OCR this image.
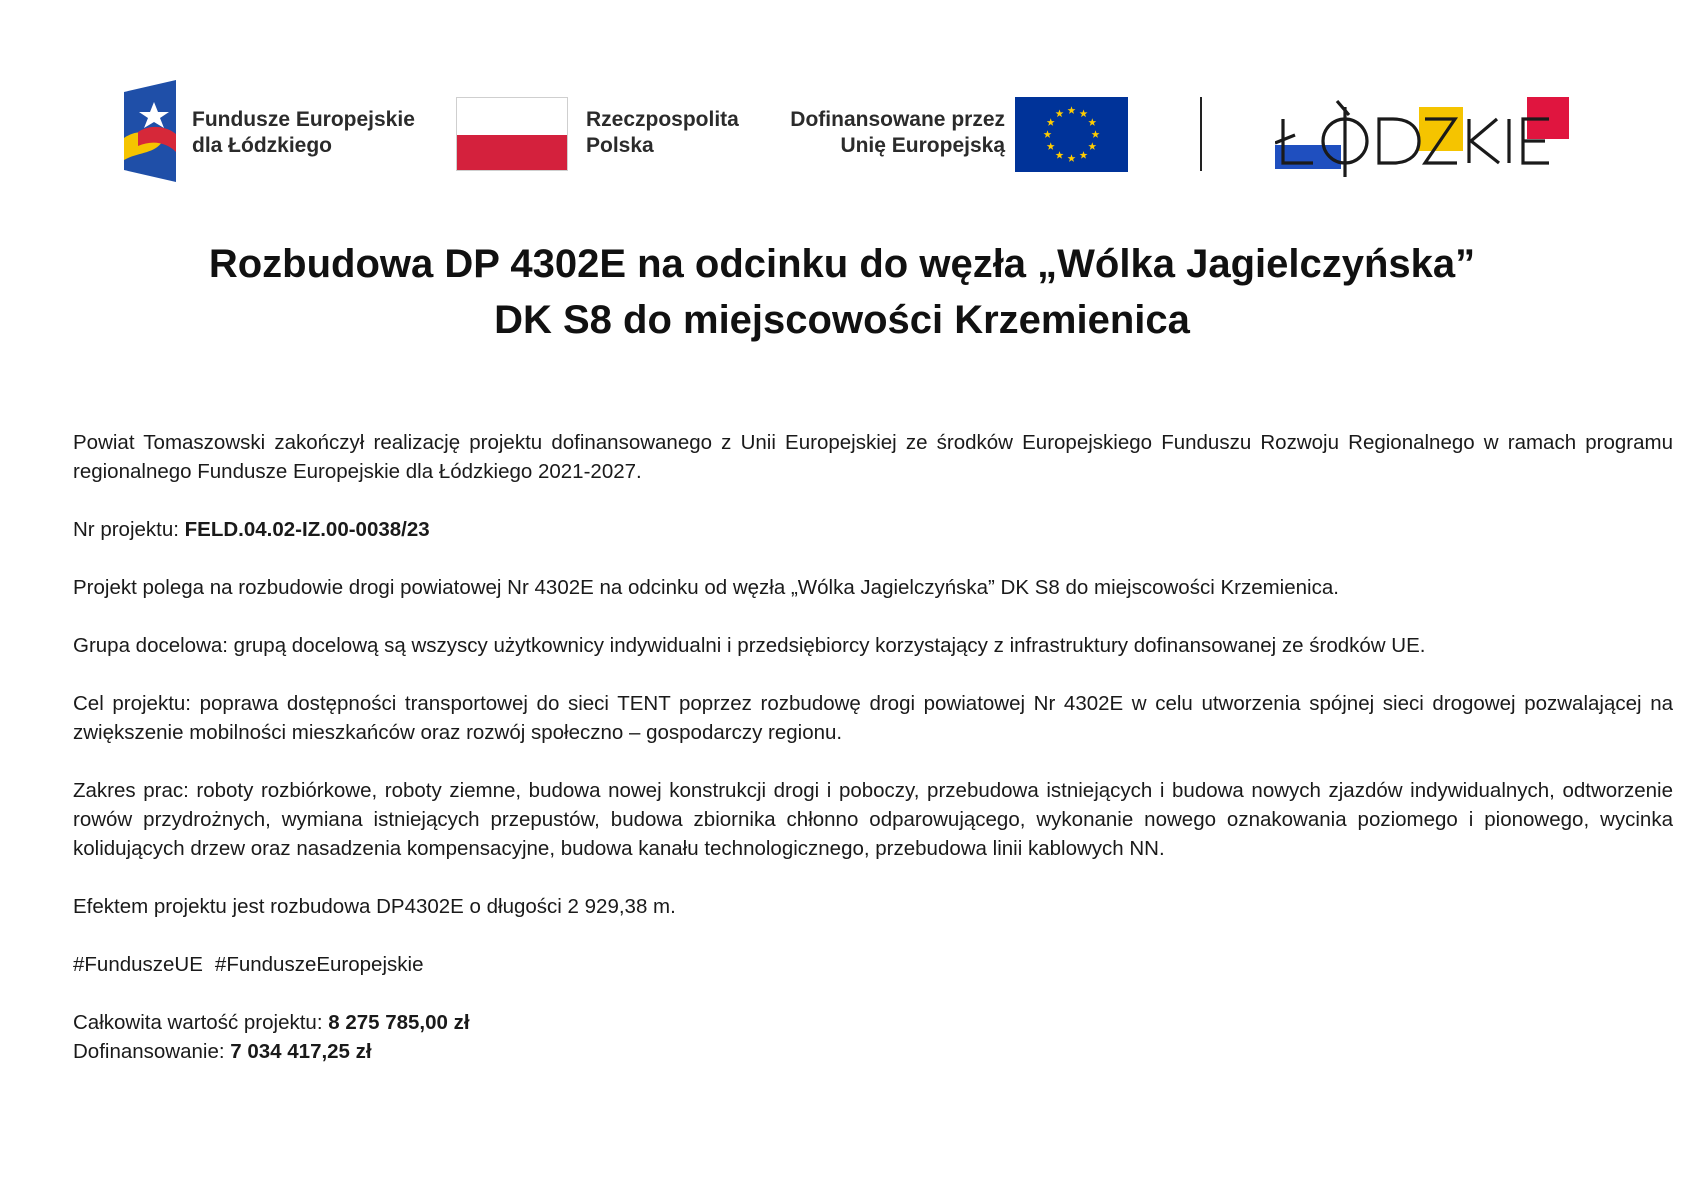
Fundusze Europejskie
dla Łódzkiego
Rzeczpospolita
Polska
Dofinansowane przez
Unię Europejską
Rozbudowa DP 4302E na odcinku do węzła „Wólka Jagielczyńska”
DK S8 do miejscowości Krzemienica

Powiat Tomaszowski zakończył realizację projektu dofinansowanego z Unii Europejskiej ze środków Europejskiego Funduszu Rozwoju Regionalnego w ramach programu regionalnego Fundusze Europejskie dla Łódzkiego 2021-2027.

Nr projektu: FELD.04.02-IZ.00-0038/23

Projekt polega na rozbudowie drogi powiatowej Nr 4302E na odcinku od węzła „Wólka Jagielczyńska” DK S8 do miejscowości Krzemienica.

Grupa docelowa: grupą docelową są wszyscy użytkownicy indywidualni i przedsiębiorcy korzystający z infrastruktury dofinansowanej ze środków UE.

Cel projektu: poprawa dostępności transportowej do sieci TENT poprzez rozbudowę drogi powiatowej Nr 4302E w celu utworzenia spójnej sieci drogowej pozwalającej na zwiększenie mobilności mieszkańców oraz rozwój społeczno – gospodarczy regionu.

Zakres prac: roboty rozbiórkowe, roboty ziemne, budowa nowej konstrukcji drogi i poboczy, przebudowa istniejących i budowa nowych zjazdów indywidualnych, odtworzenie rowów przydrożnych, wymiana istniejących przepustów, budowa zbiornika chłonno odparowującego, wykonanie nowego oznakowania poziomego i pionowego, wycinka kolidujących drzew oraz nasadzenia kompensacyjne, budowa kanału technologicznego, przebudowa linii kablowych NN.

Efektem projektu jest rozbudowa DP4302E o długości 2 929,38 m.

#FunduszeUE #FunduszeEuropejskie

Całkowita wartość projektu: 8 275 785,00 zł
Dofinansowanie: 7 034 417,25 zł
